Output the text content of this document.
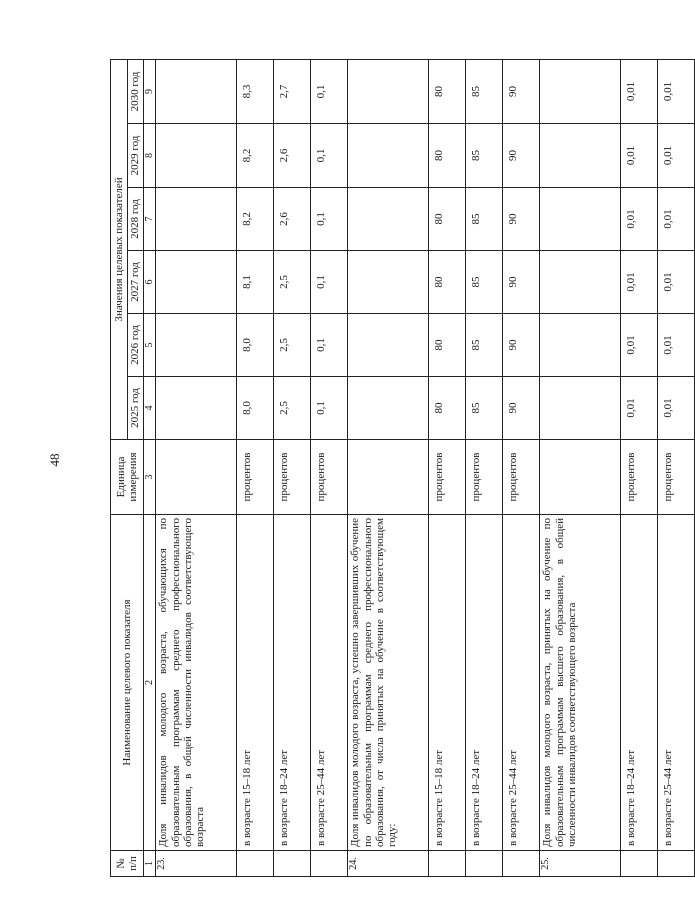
48
№
п/п	Наименование целевого показателя	Единица
измерения	Значения целевых показателей					
			2025 год	2026 год	2027 год	2028 год	2029 год	2030 год
1	2	3	4	5	6	7	8	9
23.	Доля инвалидов молодого возраста, обучающихся по образовательным программам среднего профессионального образования, в общей численности инвалидов соответствующего возраста							
	в возрасте 15–18 лет	процентов	8,0	8,0	8,1	8,2	8,2	8,3
	в возрасте 18–24 лет	процентов	2,5	2,5	2,5	2,6	2,6	2,7
	в возрасте 25–44 лет	процентов	0,1	0,1	0,1	0,1	0,1	0,1
24.	Доля инвалидов молодого возраста, успешно завершивших обучение по образовательным программам среднего профессионального образования, от числа принятых на обучение в соответствующем году:							
	в возрасте 15–18 лет	процентов	80	80	80	80	80	80
	в возрасте 18–24 лет	процентов	85	85	85	85	85	85
	в возрасте 25–44 лет	процентов	90	90	90	90	90	90
25.	Доля инвалидов молодого возраста, принятых на обучение по образовательным программам высшего образования, в общей численности инвалидов соответствующего возраста							
	в возрасте 18–24 лет	процентов	0,01	0,01	0,01	0,01	0,01	0,01
	в возрасте 25–44 лет	процентов	0,01	0,01	0,01	0,01	0,01	0,01
